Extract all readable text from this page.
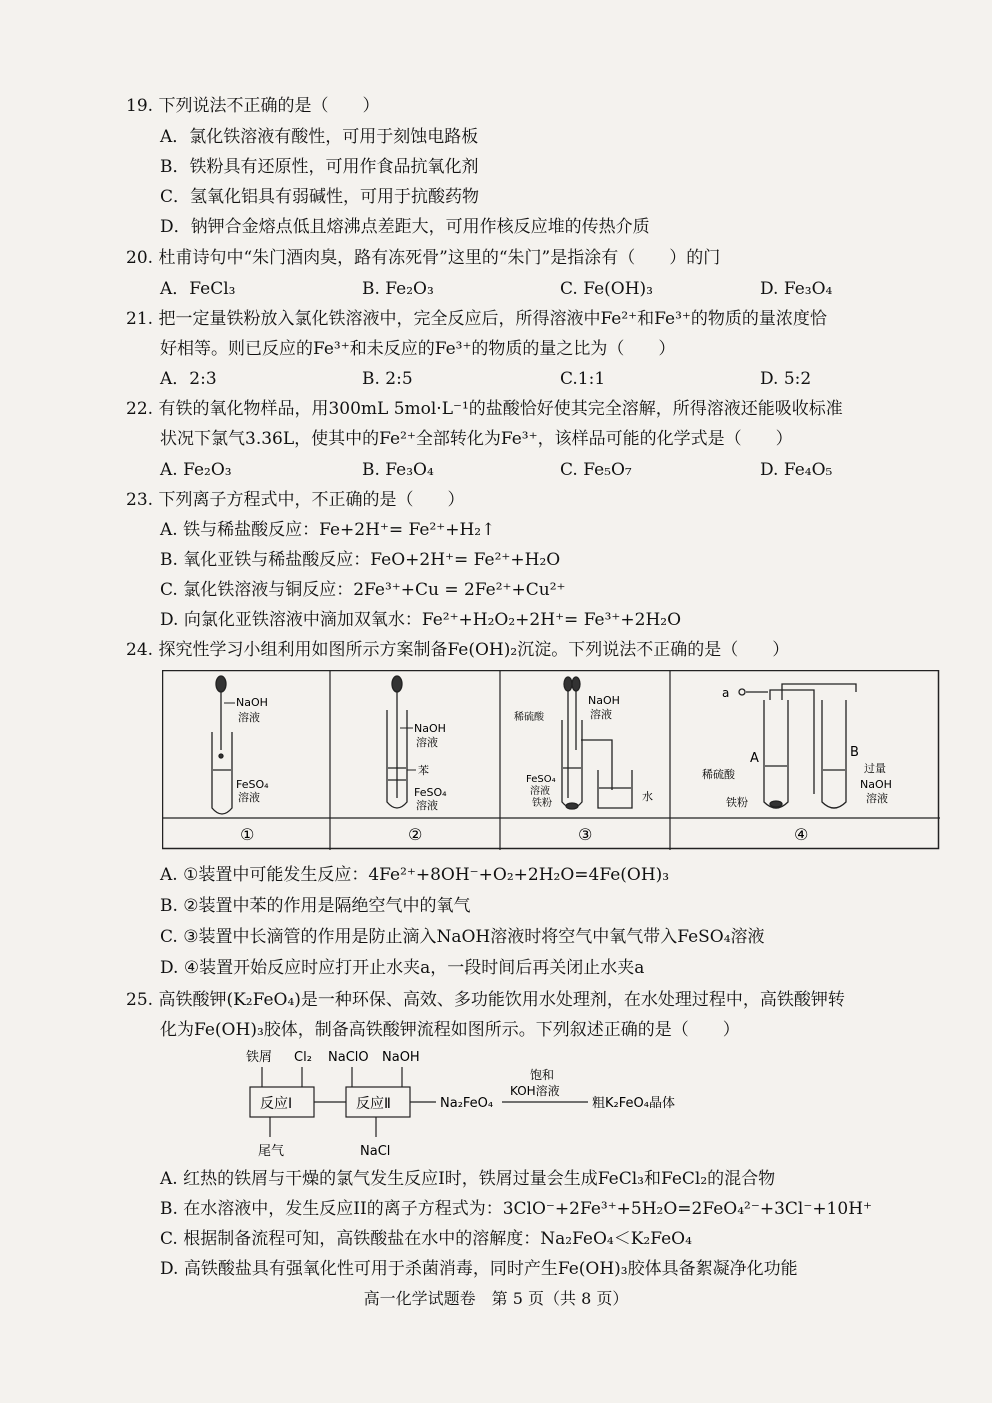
19. 下列说法不正确的是（　　）
A．氯化铁溶液有酸性，可用于刻蚀电路板
B．铁粉具有还原性，可用作食品抗氧化剂
C．氢氧化铝具有弱碱性，可用于抗酸药物
D．钠钾合金熔点低且熔沸点差距大，可用作核反应堆的传热介质
20. 杜甫诗句中“朱门酒肉臭，路有冻死骨”这里的“朱门”是指涂有（　　）的门
A．FeCl₃	B. Fe₂O₃	C. Fe(OH)₃	D. Fe₃O₄
21. 把一定量铁粉放入氯化铁溶液中，完全反应后，所得溶液中Fe²⁺和Fe³⁺的物质的量浓度恰
好相等。则已反应的Fe³⁺和未反应的Fe³⁺的物质的量之比为（　　）
A．2:3	B. 2:5	C.1:1	D. 5:2
22. 有铁的氧化物样品，用300mL 5mol·L⁻¹的盐酸恰好使其完全溶解，所得溶液还能吸收标准
状况下氯气3.36L，使其中的Fe²⁺全部转化为Fe³⁺，该样品可能的化学式是（　　）
A. Fe₂O₃	B. Fe₃O₄	C. Fe₅O₇	D. Fe₄O₅
23. 下列离子方程式中，不正确的是（　　）
A. 铁与稀盐酸反应：Fe+2H⁺= Fe²⁺+H₂↑
B. 氧化亚铁与稀盐酸反应：FeO+2H⁺= Fe²⁺+H₂O
C. 氯化铁溶液与铜反应：2Fe³⁺+Cu = 2Fe²⁺+Cu²⁺
D. 向氯化亚铁溶液中滴加双氧水：Fe²⁺+H₂O₂+2H⁺= Fe³⁺+2H₂O
24. 探究性学习小组利用如图所示方案制备Fe(OH)₂沉淀。下列说法不正确的是（　　）
NaOH
溶液
FeSO₄
溶液
①
NaOH
溶液
苯
FeSO₄
溶液
②
稀硫酸
NaOH
溶液
FeSO₄
溶液
铁粉
水
③
a
A	B
稀硫酸
铁粉
过量
NaOH
溶液
④
A. ①装置中可能发生反应：4Fe²⁺+8OH⁻+O₂+2H₂O=4Fe(OH)₃
B. ②装置中苯的作用是隔绝空气中的氧气
C. ③装置中长滴管的作用是防止滴入NaOH溶液时将空气中氧气带入FeSO₄溶液
D. ④装置开始反应时应打开止水夹a，一段时间后再关闭止水夹a
25. 高铁酸钾(K₂FeO₄)是一种环保、高效、多功能饮用水处理剂，在水处理过程中，高铁酸钾转
化为Fe(OH)₃胶体，制备高铁酸钾流程如图所示。下列叙述正确的是（　　）
铁屑 Cl₂ NaClO NaOH
反应Ⅰ	反应Ⅱ	Na₂FeO₄
饱和
KOH溶液
粗K₂FeO₄晶体
尾气	NaCl
A. 红热的铁屑与干燥的氯气发生反应I时，铁屑过量会生成FeCl₃和FeCl₂的混合物
B. 在水溶液中，发生反应II的离子方程式为：3ClO⁻+2Fe³⁺+5H₂O=2FeO₄²⁻+3Cl⁻+10H⁺
C. 根据制备流程可知，高铁酸盐在水中的溶解度：Na₂FeO₄＜K₂FeO₄
D. 高铁酸盐具有强氧化性可用于杀菌消毒，同时产生Fe(OH)₃胶体具备絮凝净化功能
高一化学试题卷　第 5 页（共 8 页）
